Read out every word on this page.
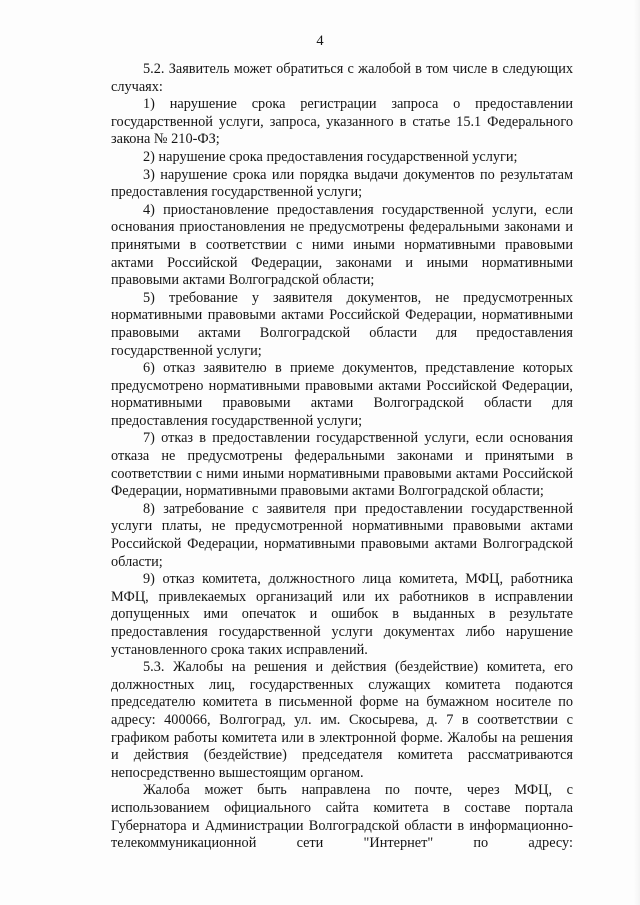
4

5.2. Заявитель может обратиться с жалобой в том числе в следующих случаях:

1) нарушение срока регистрации запроса о предоставлении государственной услуги, запроса, указанного в статье 15.1 Федерального закона № 210-ФЗ;

2) нарушение срока предоставления государственной услуги;

3) нарушение срока или порядка выдачи документов по результатам предоставления государственной услуги;

4) приостановление предоставления государственной услуги, если основания приостановления не предусмотрены федеральными законами и принятыми в соответствии с ними иными нормативными правовыми актами Российской Федерации, законами и иными нормативными правовыми актами Волгоградской области;

5) требование у заявителя документов, не предусмотренных нормативными правовыми актами Российской Федерации, нормативными правовыми актами Волгоградской области для предоставления государственной услуги;

6) отказ заявителю в приеме документов, представление которых предусмотрено нормативными правовыми актами Российской Федерации, нормативными правовыми актами Волгоградской области для предоставления государственной услуги;

7) отказ в предоставлении государственной услуги, если основания отказа не предусмотрены федеральными законами и принятыми в соответствии с ними иными нормативными правовыми актами Российской Федерации, нормативными правовыми актами Волгоградской области;

8) затребование с заявителя при предоставлении государственной услуги платы, не предусмотренной нормативными правовыми актами Российской Федерации, нормативными правовыми актами Волгоградской области;

9) отказ комитета, должностного лица комитета, МФЦ, работника МФЦ, привлекаемых организаций или их работников в исправлении допущенных ими опечаток и ошибок в выданных в результате предоставления государственной услуги документах либо нарушение установленного срока таких исправлений.

5.3. Жалобы на решения и действия (бездействие) комитета, его должностных лиц, государственных служащих комитета подаются председателю комитета в письменной форме на бумажном носителе по адресу: 400066, Волгоград, ул. им. Скосырева, д. 7 в соответствии с графиком работы комитета или в электронной форме. Жалобы на решения и действия (бездействие) председателя комитета рассматриваются непосредственно вышестоящим органом.

Жалоба может быть направлена по почте, через МФЦ, с использованием официального сайта комитета в составе портала Губернатора и Администрации Волгоградской области в информационно-телекоммуникационной сети "Интернет" по адресу:
